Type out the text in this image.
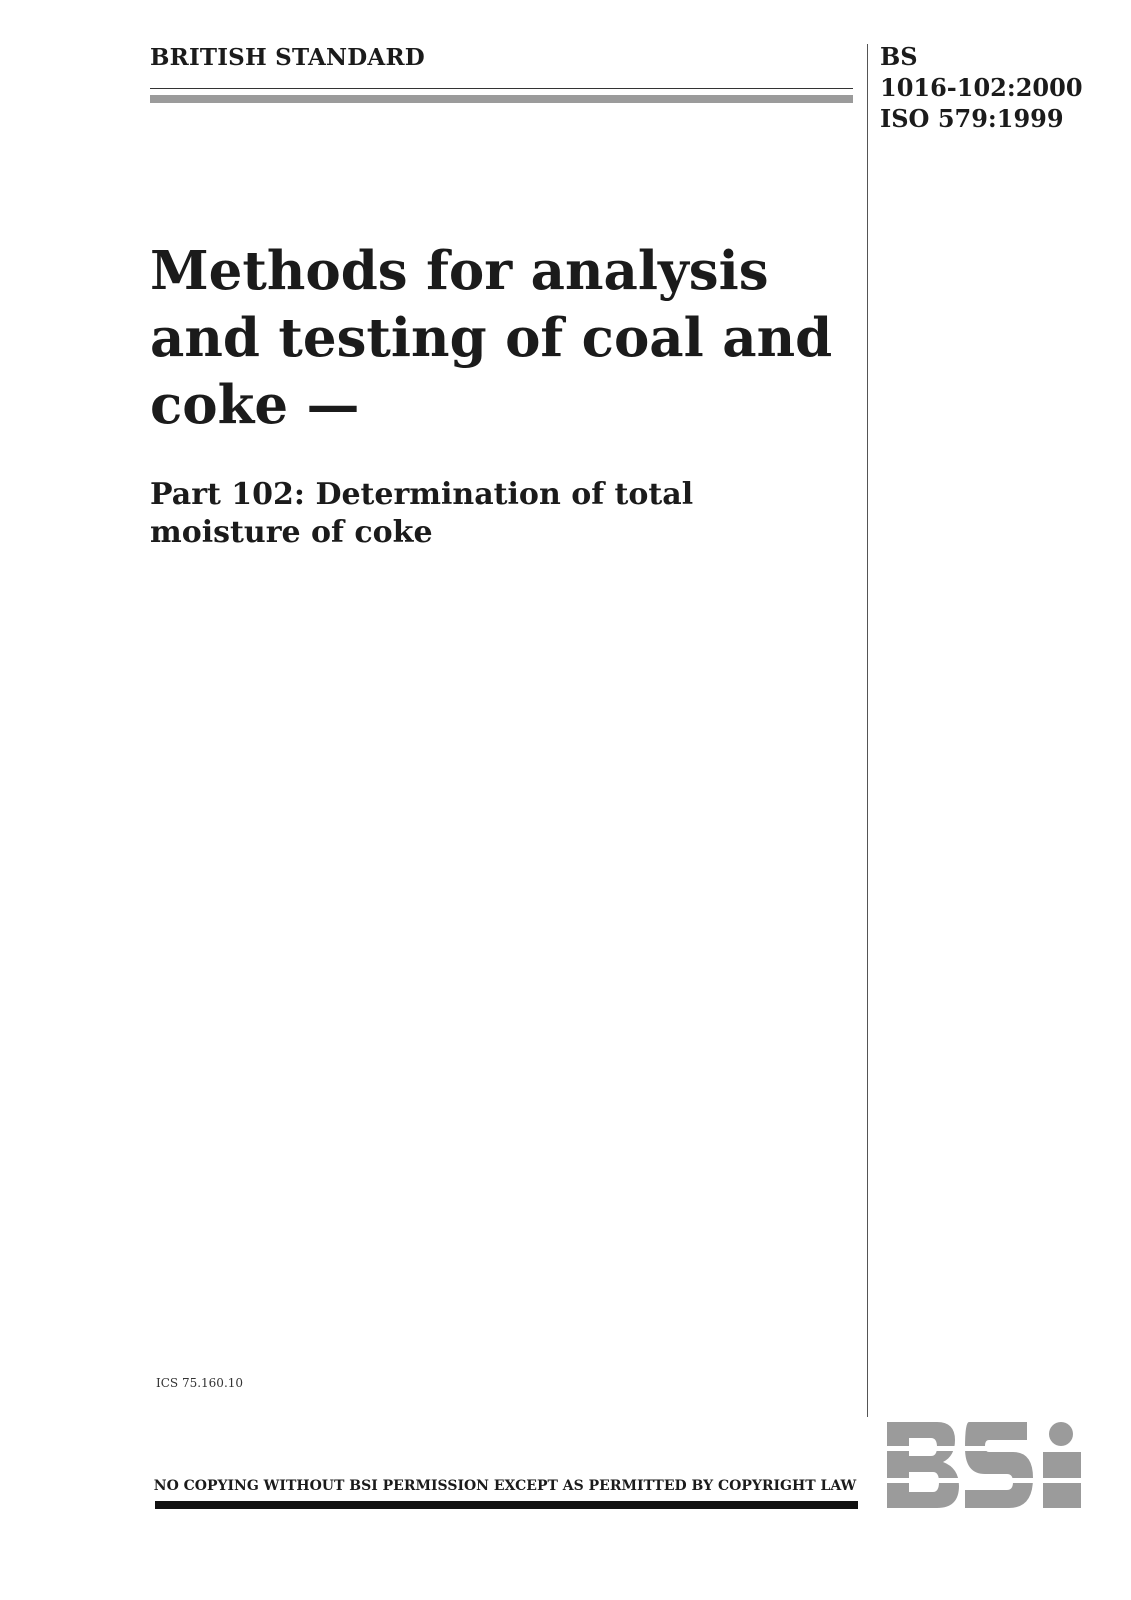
BRITISH STANDARD	BS
1016-102:2000
ISO 579:1999
Methods for analysis and testing of coal and coke —
Part 102: Determination of total moisture of coke
ICS 75.160.10
NO COPYING WITHOUT BSI PERMISSION EXCEPT AS PERMITTED BY COPYRIGHT LAW
